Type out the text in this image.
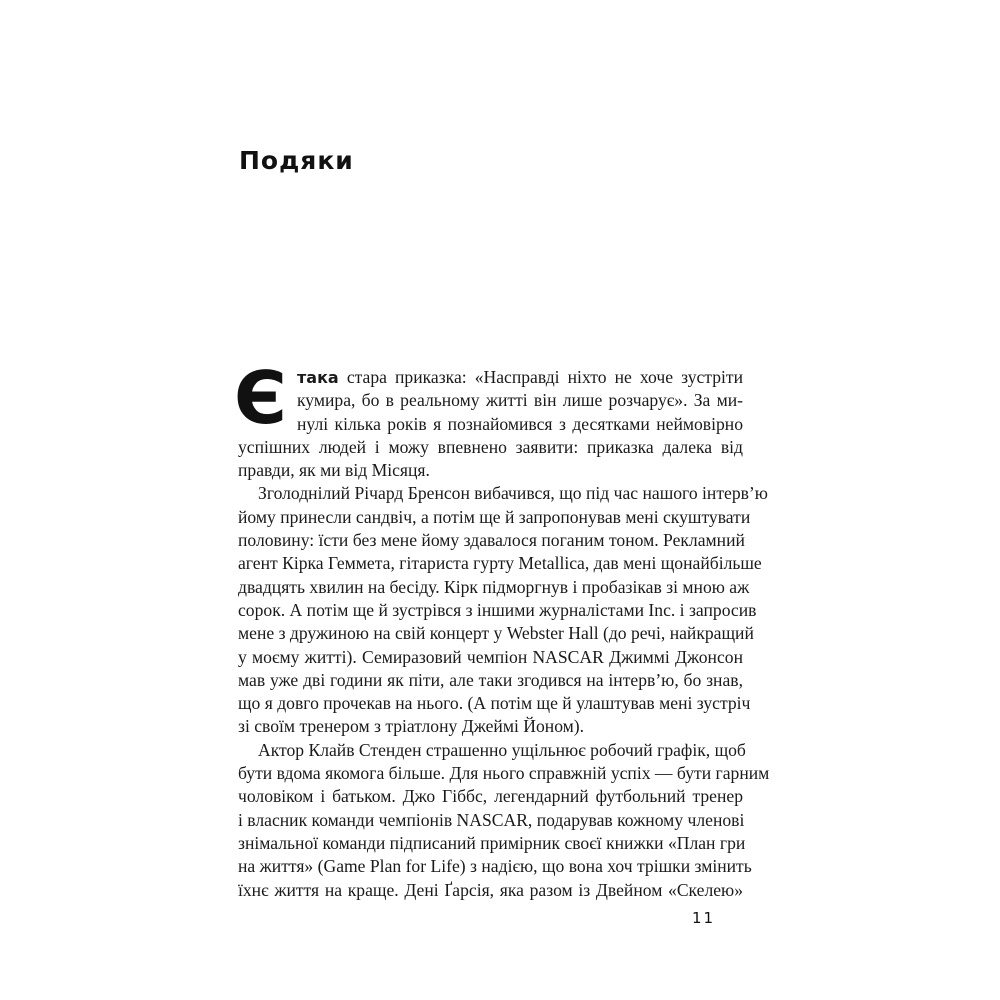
Подяки
Є така стара приказка: «Насправді ніхто не хоче зустріти
кумира, бо в реальному житті він лише розчарує». За ми-
нулі кілька років я познайомився з десятками неймовірно
успішних людей і можу впевнено заявити: приказка далека від
правди, як ми від Місяця.
Зголоднілий Річард Бренсон вибачився, що під час нашого інтерв’ю
йому принесли сандвіч, а потім ще й запропонував мені скуштувати
половину: їсти без мене йому здавалося поганим тоном. Рекламний
агент Кірка Геммета, гітариста гурту Metallica, дав мені щонайбільше
двадцять хвилин на бесіду. Кірк підморгнув і пробазікав зі мною аж
сорок. А потім ще й зустрівся з іншими журналістами Inc. і запросив
мене з дружиною на свій концерт у Webster Hall (до речі, найкращий
у моєму житті). Семиразовий чемпіон NASCAR Джиммі Джонсон
мав уже дві години як піти, але таки згодився на інтерв’ю, бо знав,
що я довго прочекав на нього. (А потім ще й улаштував мені зустріч
зі своїм тренером з тріатлону Джеймі Йоном).
Актор Клайв Стенден страшенно ущільнює робочий графік, щоб
бути вдома якомога більше. Для нього справжній успіх — бути гарним
чоловіком і батьком. Джо Гіббс, легендарний футбольний тренер
і власник команди чемпіонів NASCAR, подарував кожному членові
знімальної команди підписаний примірник своєї книжки «План гри
на життя» (Game Plan for Life) з надією, що вона хоч трішки змінить
їхнє життя на краще. Дені Ґарсія, яка разом із Двейном «Скелею»
11
